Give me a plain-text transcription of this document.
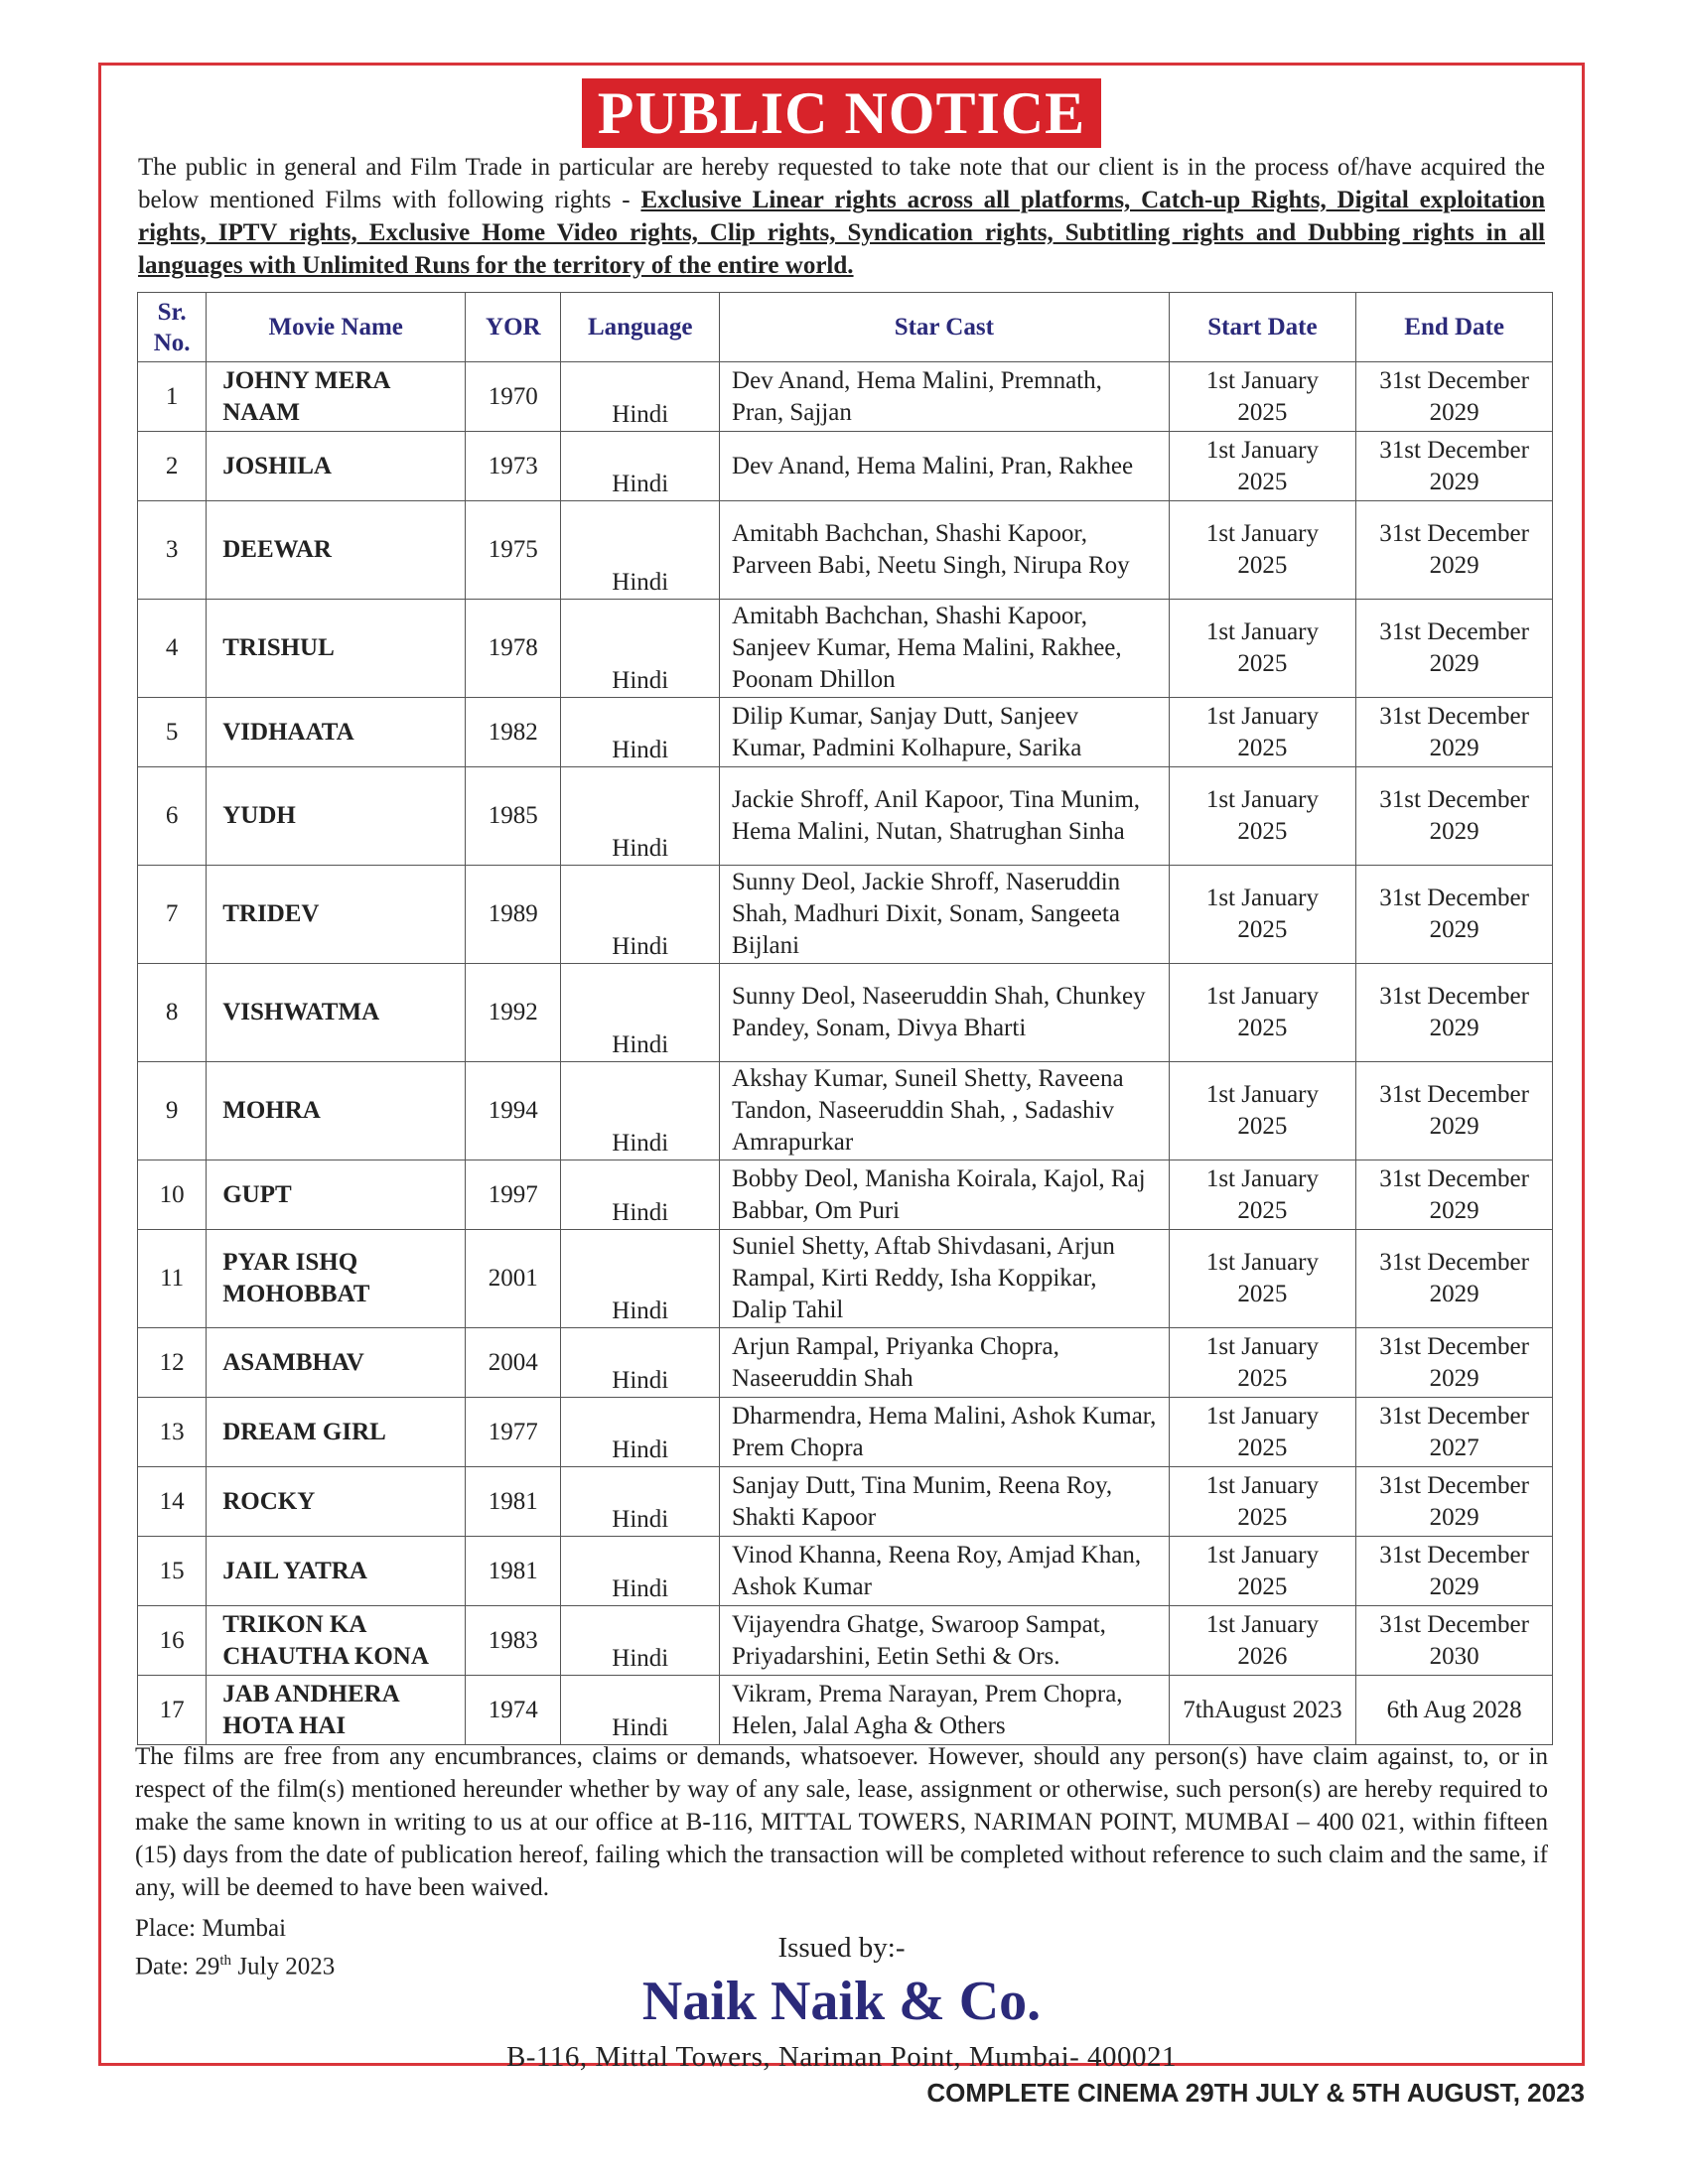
PUBLIC NOTICE
The public in general and Film Trade in particular are hereby requested to take note that our client is in the process of/have acquired the below mentioned Films with following rights - Exclusive Linear rights across all platforms, Catch-up Rights, Digital exploitation rights, IPTV rights, Exclusive Home Video rights, Clip rights, Syndication rights, Subtitling rights and Dubbing rights in all languages with Unlimited Runs for the territory of the entire world.
Sr. No.	Movie Name	YOR	Language	Star Cast	Start Date	End Date
1	JOHNY MERA NAAM	1970	Hindi	Dev Anand, Hema Malini, Premnath, Pran, Sajjan	1st January 2025	31st December 2029
2	JOSHILA	1973	Hindi	Dev Anand, Hema Malini, Pran, Rakhee	1st January 2025	31st December 2029
3	DEEWAR	1975	Hindi	Amitabh Bachchan, Shashi Kapoor, Parveen Babi, Neetu Singh, Nirupa Roy	1st January 2025	31st December 2029
4	TRISHUL	1978	Hindi	Amitabh Bachchan, Shashi Kapoor, Sanjeev Kumar, Hema Malini, Rakhee, Poonam Dhillon	1st January 2025	31st December 2029
5	VIDHAATA	1982	Hindi	Dilip Kumar, Sanjay Dutt, Sanjeev Kumar, Padmini Kolhapure, Sarika	1st January 2025	31st December 2029
6	YUDH	1985	Hindi	Jackie Shroff, Anil Kapoor, Tina Munim, Hema Malini, Nutan, Shatrughan Sinha	1st January 2025	31st December 2029
7	TRIDEV	1989	Hindi	Sunny Deol, Jackie Shroff, Naseruddin Shah, Madhuri Dixit, Sonam, Sangeeta Bijlani	1st January 2025	31st December 2029
8	VISHWATMA	1992	Hindi	Sunny Deol, Naseeruddin Shah, Chunkey Pandey, Sonam, Divya Bharti	1st January 2025	31st December 2029
9	MOHRA	1994	Hindi	Akshay Kumar, Suneil Shetty, Raveena Tandon, Naseeruddin Shah, , Sadashiv Amrapurkar	1st January 2025	31st December 2029
10	GUPT	1997	Hindi	Bobby Deol, Manisha Koirala, Kajol, Raj Babbar, Om Puri	1st January 2025	31st December 2029
11	PYAR ISHQ MOHOBBAT	2001	Hindi	Suniel Shetty, Aftab Shivdasani, Arjun Rampal, Kirti Reddy, Isha Koppikar, Dalip Tahil	1st January 2025	31st December 2029
12	ASAMBHAV	2004	Hindi	Arjun Rampal, Priyanka Chopra, Naseeruddin Shah	1st January 2025	31st December 2029
13	DREAM GIRL	1977	Hindi	Dharmendra, Hema Malini, Ashok Kumar, Prem Chopra	1st January 2025	31st December 2027
14	ROCKY	1981	Hindi	Sanjay Dutt, Tina Munim, Reena Roy, Shakti Kapoor	1st January 2025	31st December 2029
15	JAIL YATRA	1981	Hindi	Vinod Khanna, Reena Roy, Amjad Khan, Ashok Kumar	1st January 2025	31st December 2029
16	TRIKON KA CHAUTHA KONA	1983	Hindi	Vijayendra Ghatge, Swaroop Sampat, Priyadarshini, Eetin Sethi & Ors.	1st January 2026	31st December 2030
17	JAB ANDHERA HOTA HAI	1974	Hindi	Vikram, Prema Narayan, Prem Chopra, Helen, Jalal Agha & Others	7thAugust 2023	6th Aug 2028
The films are free from any encumbrances, claims or demands, whatsoever. However, should any person(s) have claim against, to, or in respect of the film(s) mentioned hereunder whether by way of any sale, lease, assignment or otherwise, such person(s) are hereby required to make the same known in writing to us at our office at B-116, MITTAL TOWERS, NARIMAN POINT, MUMBAI – 400 021, within fifteen (15) days from the date of publication hereof, failing which the transaction will be completed without reference to such claim and the same, if any, will be deemed to have been waived.
Place: Mumbai
Date: 29th July 2023
Issued by:-
Naik Naik & Co.
B-116, Mittal Towers, Nariman Point, Mumbai- 400021
COMPLETE CINEMA 29TH JULY & 5TH AUGUST, 2023
